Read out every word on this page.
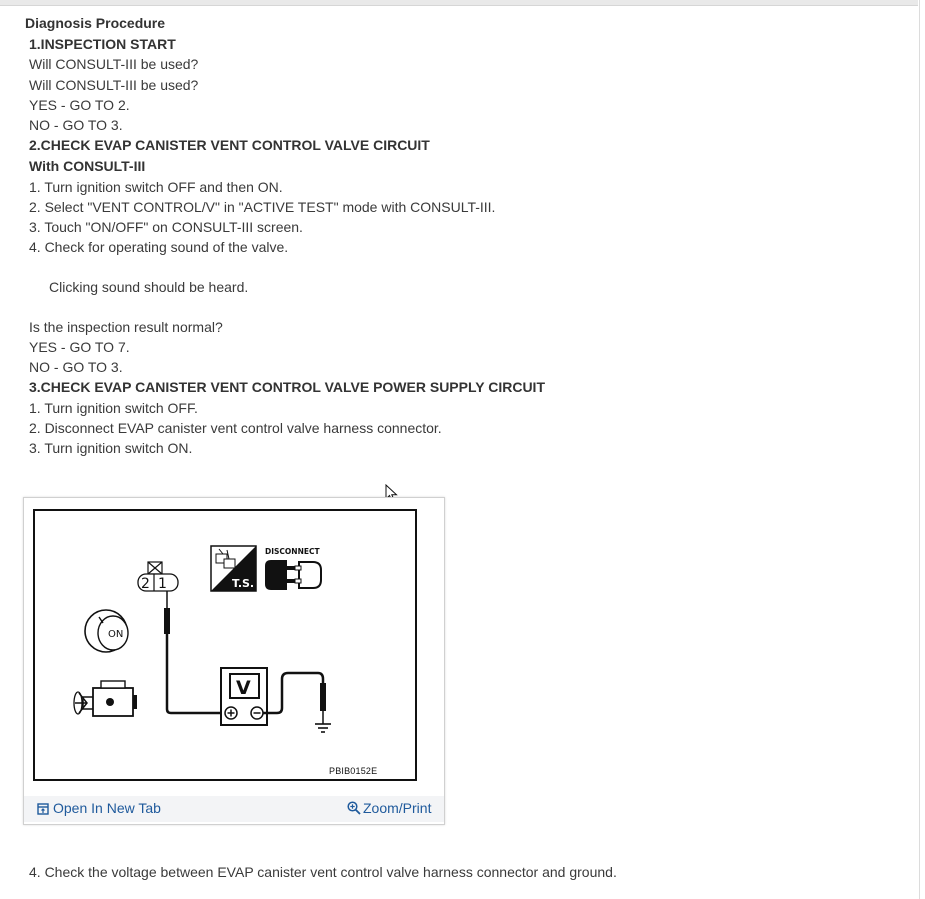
Diagnosis Procedure
1.INSPECTION START
Will CONSULT-III be used?
Will CONSULT-III be used?
YES - GO TO 2.
NO - GO TO 3.
2.CHECK EVAP CANISTER VENT CONTROL VALVE CIRCUIT
With CONSULT-III
1. Turn ignition switch OFF and then ON.
2. Select "VENT CONTROL/V" in "ACTIVE TEST" mode with CONSULT-III.
3. Touch "ON/OFF" on CONSULT-III screen.
4. Check for operating sound of the valve.
Clicking sound should be heard.
Is the inspection result normal?
YES - GO TO 7.
NO - GO TO 3.
3.CHECK EVAP CANISTER VENT CONTROL VALVE POWER SUPPLY CIRCUIT
1. Turn ignition switch OFF.
2. Disconnect EVAP canister vent control valve harness connector.
3. Turn ignition switch ON.
2 1
V
T.S.
DISCONNECT
ON
PBIB0152E
Open In New Tab	Zoom/Print
4. Check the voltage between EVAP canister vent control valve harness connector and ground.
